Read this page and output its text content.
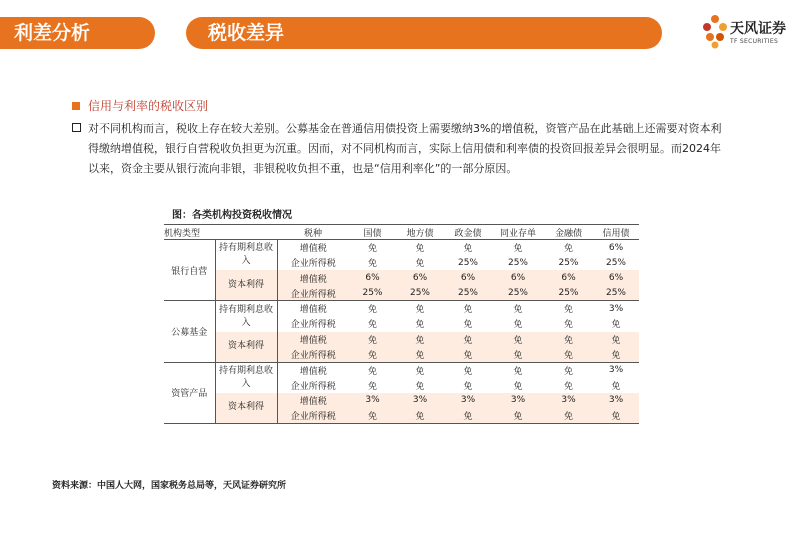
利差分析	税收差异	天风证券
TF SECURITIES
信用与利率的税收区别
对不同机构而言，税收上存在较大差别。公募基金在普通信用债投资上需要缴纳3%的增值税，资管产品在此基础上还需要对资本利得缴纳增值税，银行自营税收负担更为沉重。因而，对不同机构而言，实际上信用债和利率债的投资回报差异会很明显。而2024年以来，资金主要从银行流向非银，非银税收负担不重，也是“信用利率化”的一部分原因。
图：各类机构投资税收情况
机构类型		税种	国债	地方债	政金债	同业存单	金融债	信用债
银行自营	持有期利息收入	增值税	免	免	免	免	免	6%
		企业所得税	免	免	25%	25%	25%	25%
	资本利得	增值税	6%	6%	6%	6%	6%	6%
		企业所得税	25%	25%	25%	25%	25%	25%
公募基金	持有期利息收入	增值税	免	免	免	免	免	3%
		企业所得税	免	免	免	免	免	免
	资本利得	增值税	免	免	免	免	免	免
		企业所得税	免	免	免	免	免	免
资管产品	持有期利息收入	增值税	免	免	免	免	免	3%
		企业所得税	免	免	免	免	免	免
	资本利得	增值税	3%	3%	3%	3%	3%	3%
		企业所得税	免	免	免	免	免	免
资料来源：中国人大网，国家税务总局等，天风证券研究所
